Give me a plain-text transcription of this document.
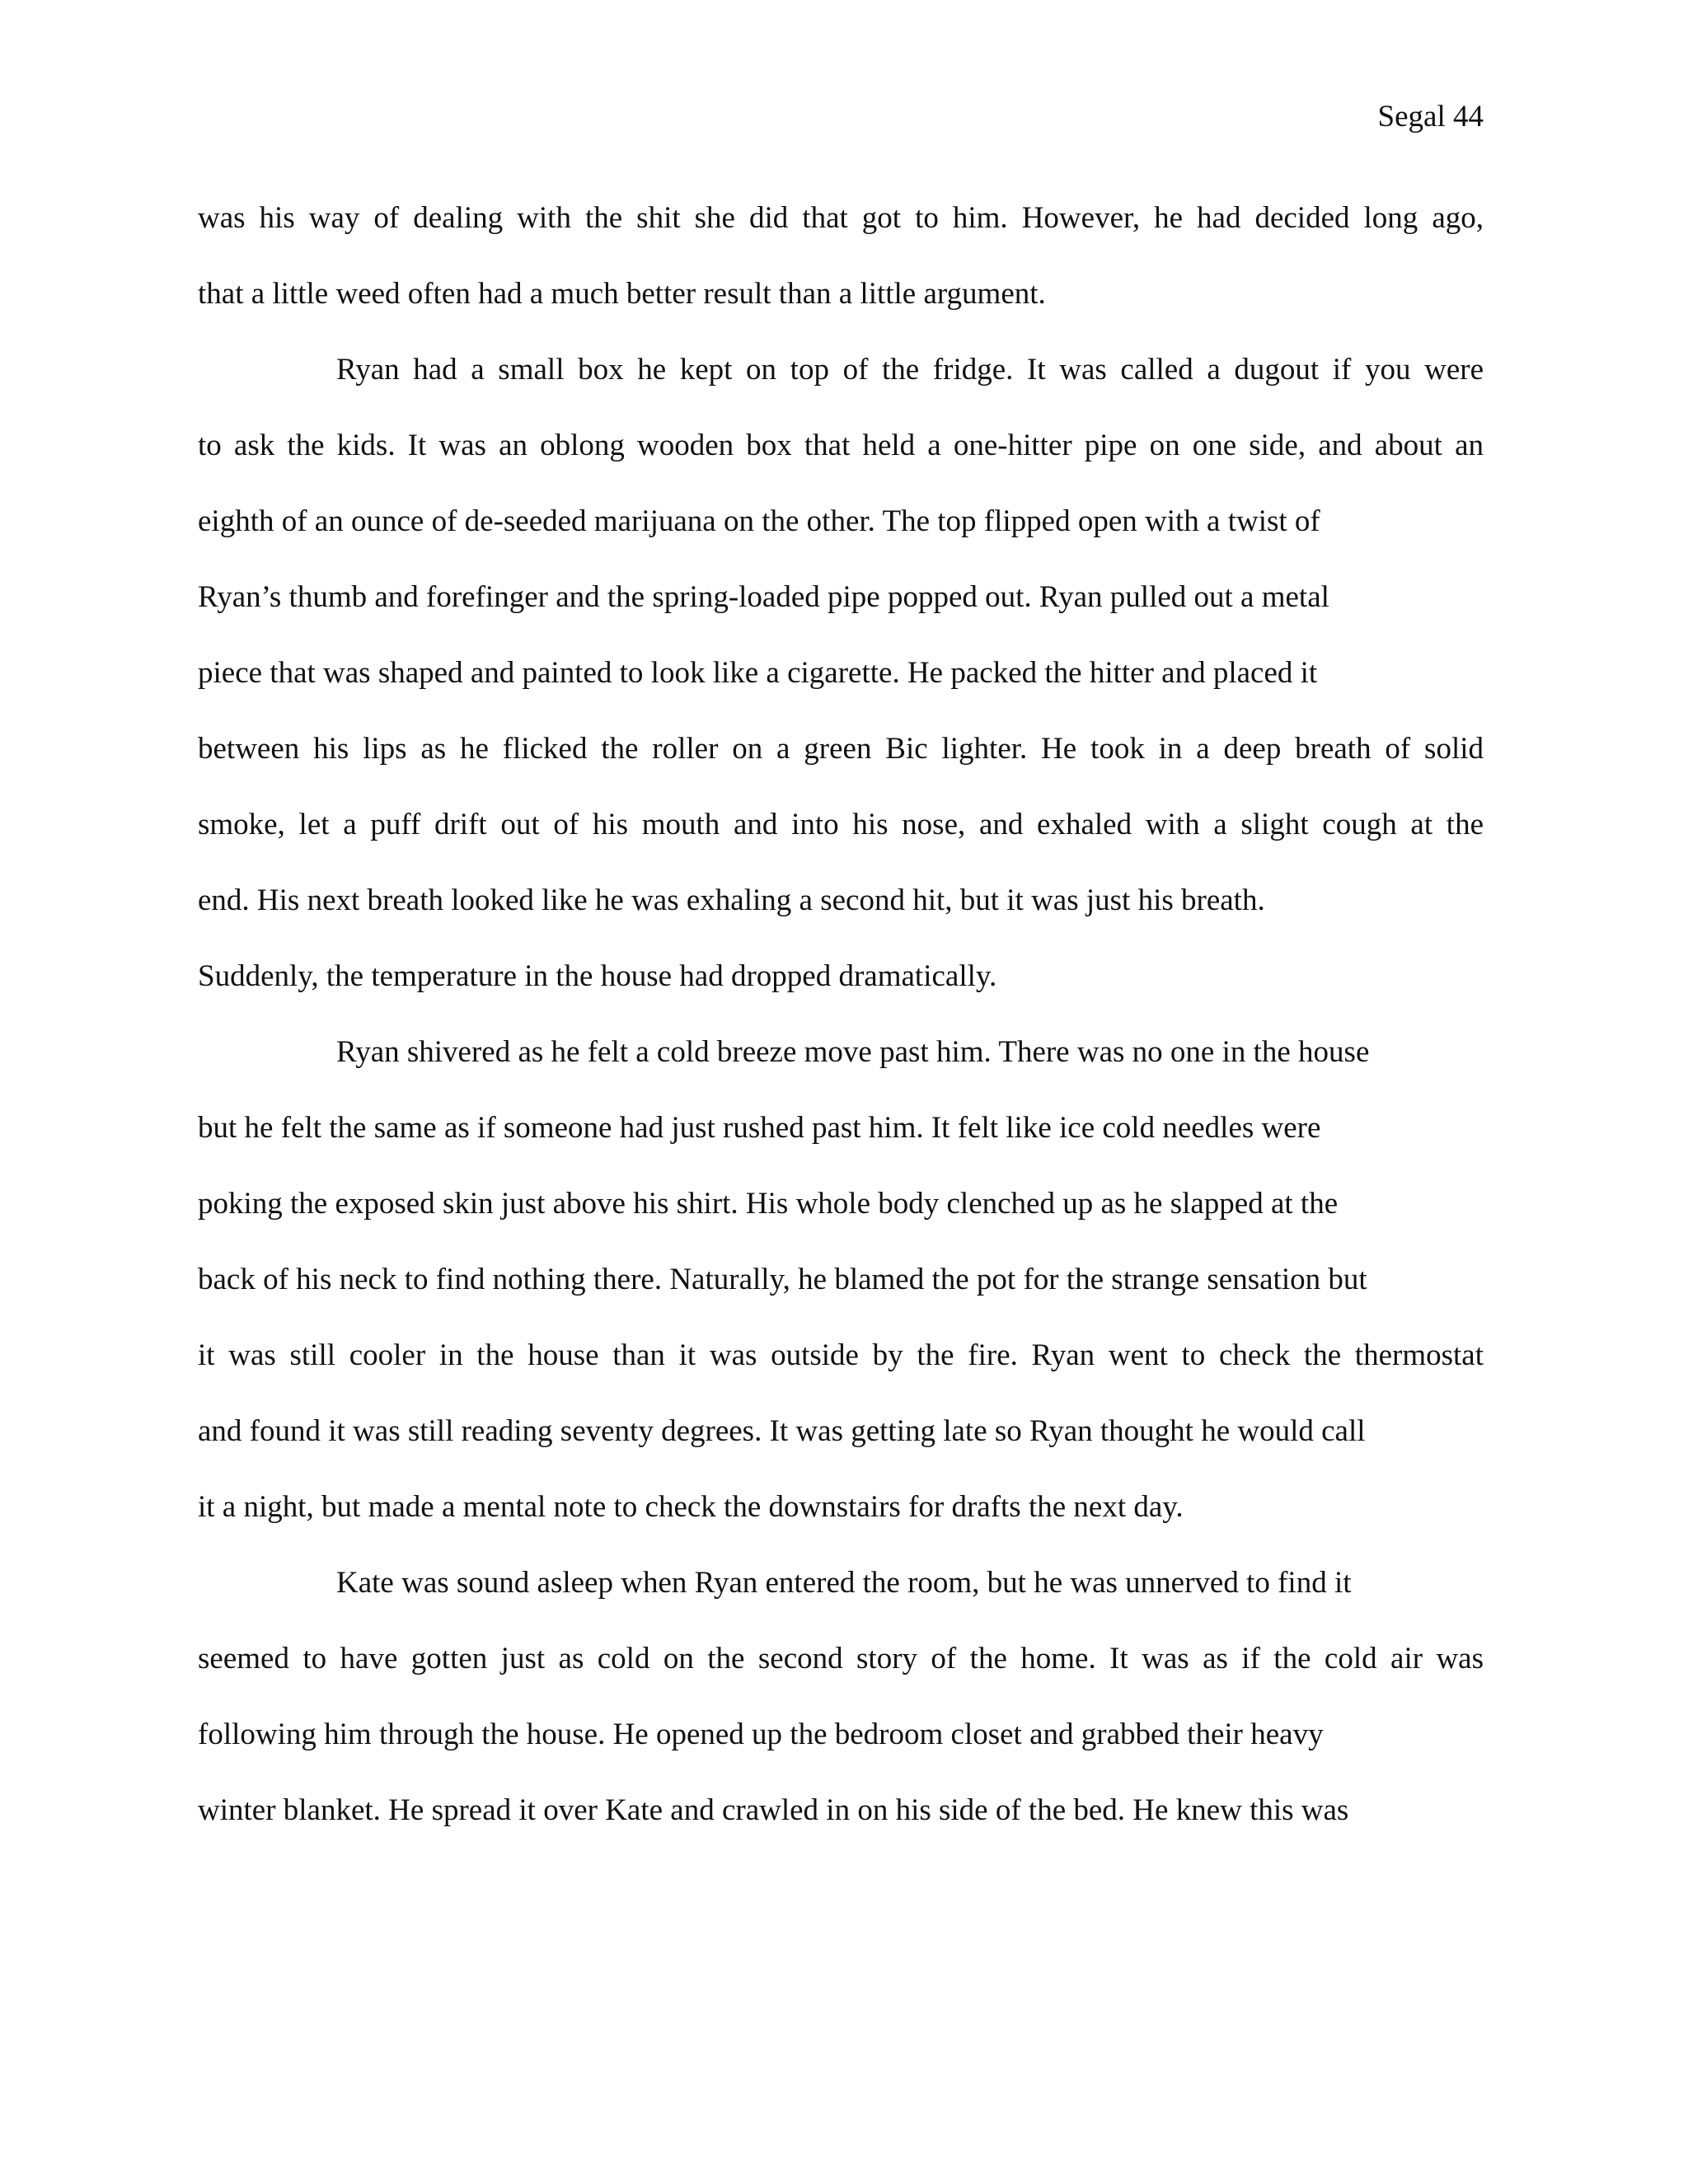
Segal 44
was his way of dealing with the shit she did that got to him. However, he had decided long ago,
that a little weed often had a much better result than a little argument.
Ryan had a small box he kept on top of the fridge. It was called a dugout if you were
to ask the kids. It was an oblong wooden box that held a one-hitter pipe on one side, and about an
eighth of an ounce of de-seeded marijuana on the other. The top flipped open with a twist of
Ryan’s thumb and forefinger and the spring-loaded pipe popped out. Ryan pulled out a metal
piece that was shaped and painted to look like a cigarette. He packed the hitter and placed it
between his lips as he flicked the roller on a green Bic lighter. He took in a deep breath of solid
smoke, let a puff drift out of his mouth and into his nose, and exhaled with a slight cough at the
end. His next breath looked like he was exhaling a second hit, but it was just his breath.
Suddenly, the temperature in the house had dropped dramatically.
Ryan shivered as he felt a cold breeze move past him. There was no one in the house
but he felt the same as if someone had just rushed past him. It felt like ice cold needles were
poking the exposed skin just above his shirt. His whole body clenched up as he slapped at the
back of his neck to find nothing there. Naturally, he blamed the pot for the strange sensation but
it was still cooler in the house than it was outside by the fire. Ryan went to check the thermostat
and found it was still reading seventy degrees. It was getting late so Ryan thought he would call
it a night, but made a mental note to check the downstairs for drafts the next day.
Kate was sound asleep when Ryan entered the room, but he was unnerved to find it
seemed to have gotten just as cold on the second story of the home. It was as if the cold air was
following him through the house. He opened up the bedroom closet and grabbed their heavy
winter blanket. He spread it over Kate and crawled in on his side of the bed. He knew this was
